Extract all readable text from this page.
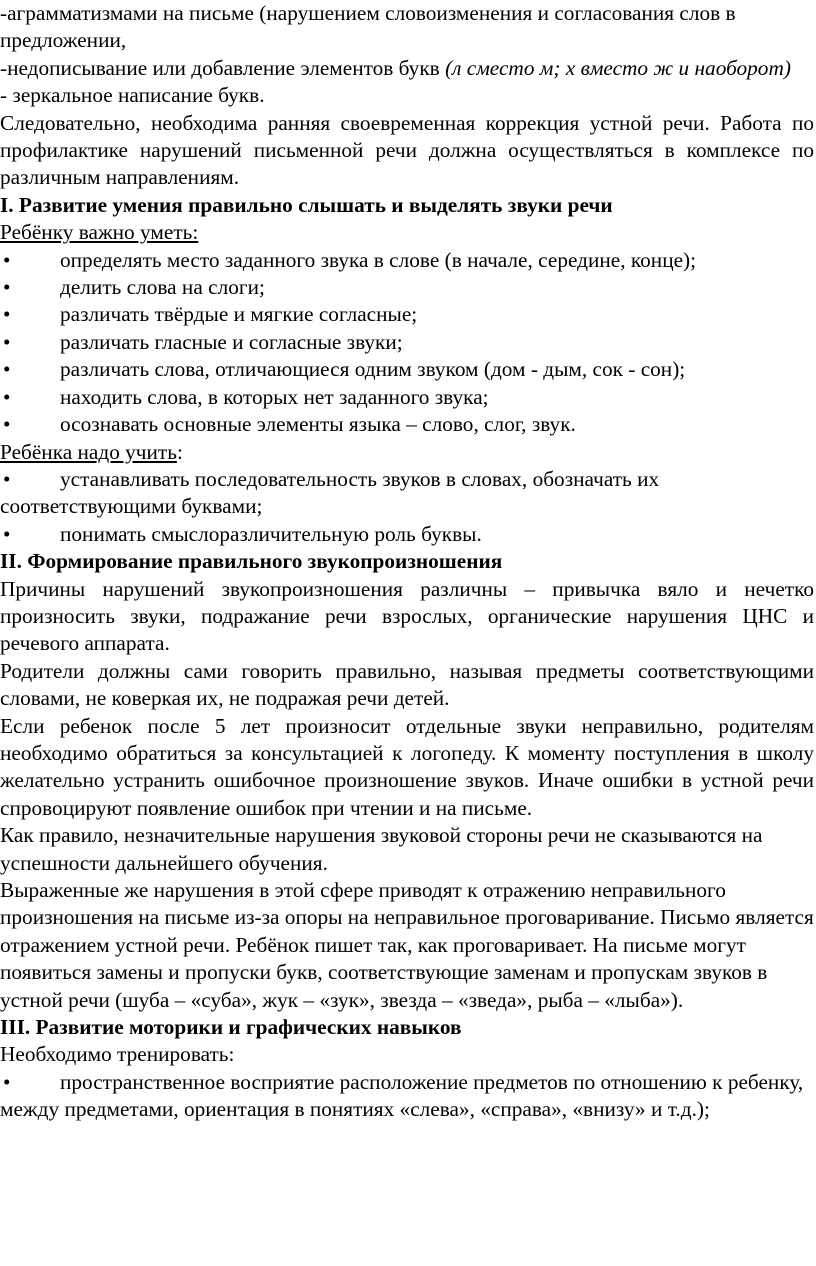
-аграмматизмами на письме (нарушением словоизменения и согласования слов в предложении,

-недописывание или добавление элементов букв (л сместо м; х вместо ж и наоборот)

- зеркальное написание букв.

Следовательно, необходима ранняя своевременная коррекция устной речи. Работа по профилактике нарушений письменной речи должна осуществляться в комплексе по различным направлениям.

I. Развитие умения правильно слышать и выделять звуки речи

Ребёнку важно уметь:

• определять место заданного звука в слове (в начале, середине, конце);

• делить слова на слоги;

• различать твёрдые и мягкие согласные;

• различать гласные и согласные звуки;

• различать слова, отличающиеся одним звуком (дом - дым, сок - сон);

• находить слова, в которых нет заданного звука;

• осознавать основные элементы языка – слово, слог, звук.

Ребёнка надо учить:

• устанавливать последовательность звуков в словах, обозначать их соответствующими буквами;

• понимать смыслоразличительную роль буквы.

II. Формирование правильного звукопроизношения

Причины нарушений звукопроизношения различны – привычка вяло и нечетко произносить звуки, подражание речи взрослых, органические нарушения ЦНС и речевого аппарата.

Родители должны сами говорить правильно, называя предметы соответствующими словами, не коверкая их, не подражая речи детей.

Если ребенок после 5 лет произносит отдельные звуки неправильно, родителям необходимо обратиться за консультацией к логопеду. К моменту поступления в школу желательно устранить ошибочное произношение звуков. Иначе ошибки в устной речи спровоцируют появление ошибок при чтении и на письме.

Как правило, незначительные нарушения звуковой стороны речи не сказываются на успешности дальнейшего обучения.

Выраженные же нарушения в этой сфере приводят к отражению неправильного произношения на письме из-за опоры на неправильное проговаривание. Письмо является отражением устной речи. Ребёнок пишет так, как проговаривает. На письме могут появиться замены и пропуски букв, соответствующие заменам и пропускам звуков в устной речи (шуба – «суба», жук – «зук», звезда – «зведа», рыба – «лыба»).

III. Развитие моторики и графических навыков

Необходимо тренировать:

• пространственное восприятие расположение предметов по отношению к ребенку, между предметами, ориентация в понятиях «слева», «справа», «внизу» и т.д.);
